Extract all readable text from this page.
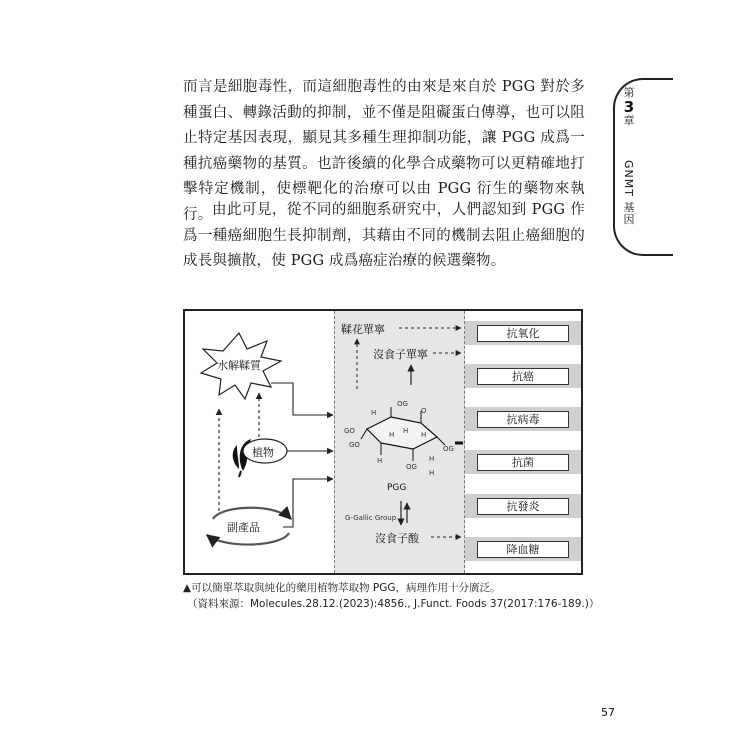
而言是細胞毒性，而這細胞毒性的由來是來自於 PGG 對於多種蛋白、轉錄活動的抑制，並不僅是阻礙蛋白傳導，也可以阻止特定基因表現，顯見其多種生理抑制功能，讓 PGG 成爲一種抗癌藥物的基質。也許後續的化學合成藥物可以更精確地打擊特定機制，使標靶化的治療可以由 PGG 衍生的藥物來執行。 由此可見，從不同的細胞系研究中，人們認知到 PGG 作爲一種癌細胞生長抑制劑，其藉由不同的機制去阻止癌細胞的成長與擴散，使 PGG 成爲癌症治療的候選藥物。

第
3
章
GNMT 基因
抗氧化
抗癌
抗病毒
抗菌
抗發炎
降血糖
水解鞣質
植物
副產品
鞣花單寧
沒食子單寧
PGG
G-Gallic Group
沒食子酸
OG
H
GO
O
H
H
GO
H
OG
H
OG
H
H
▲可以簡單萃取與純化的藥用植物萃取物 PGG，病理作用十分廣泛。
（資料來源：Molecules.28.12.(2023):4856., J.Funct. Foods 37(2017:176-189.)）
57
